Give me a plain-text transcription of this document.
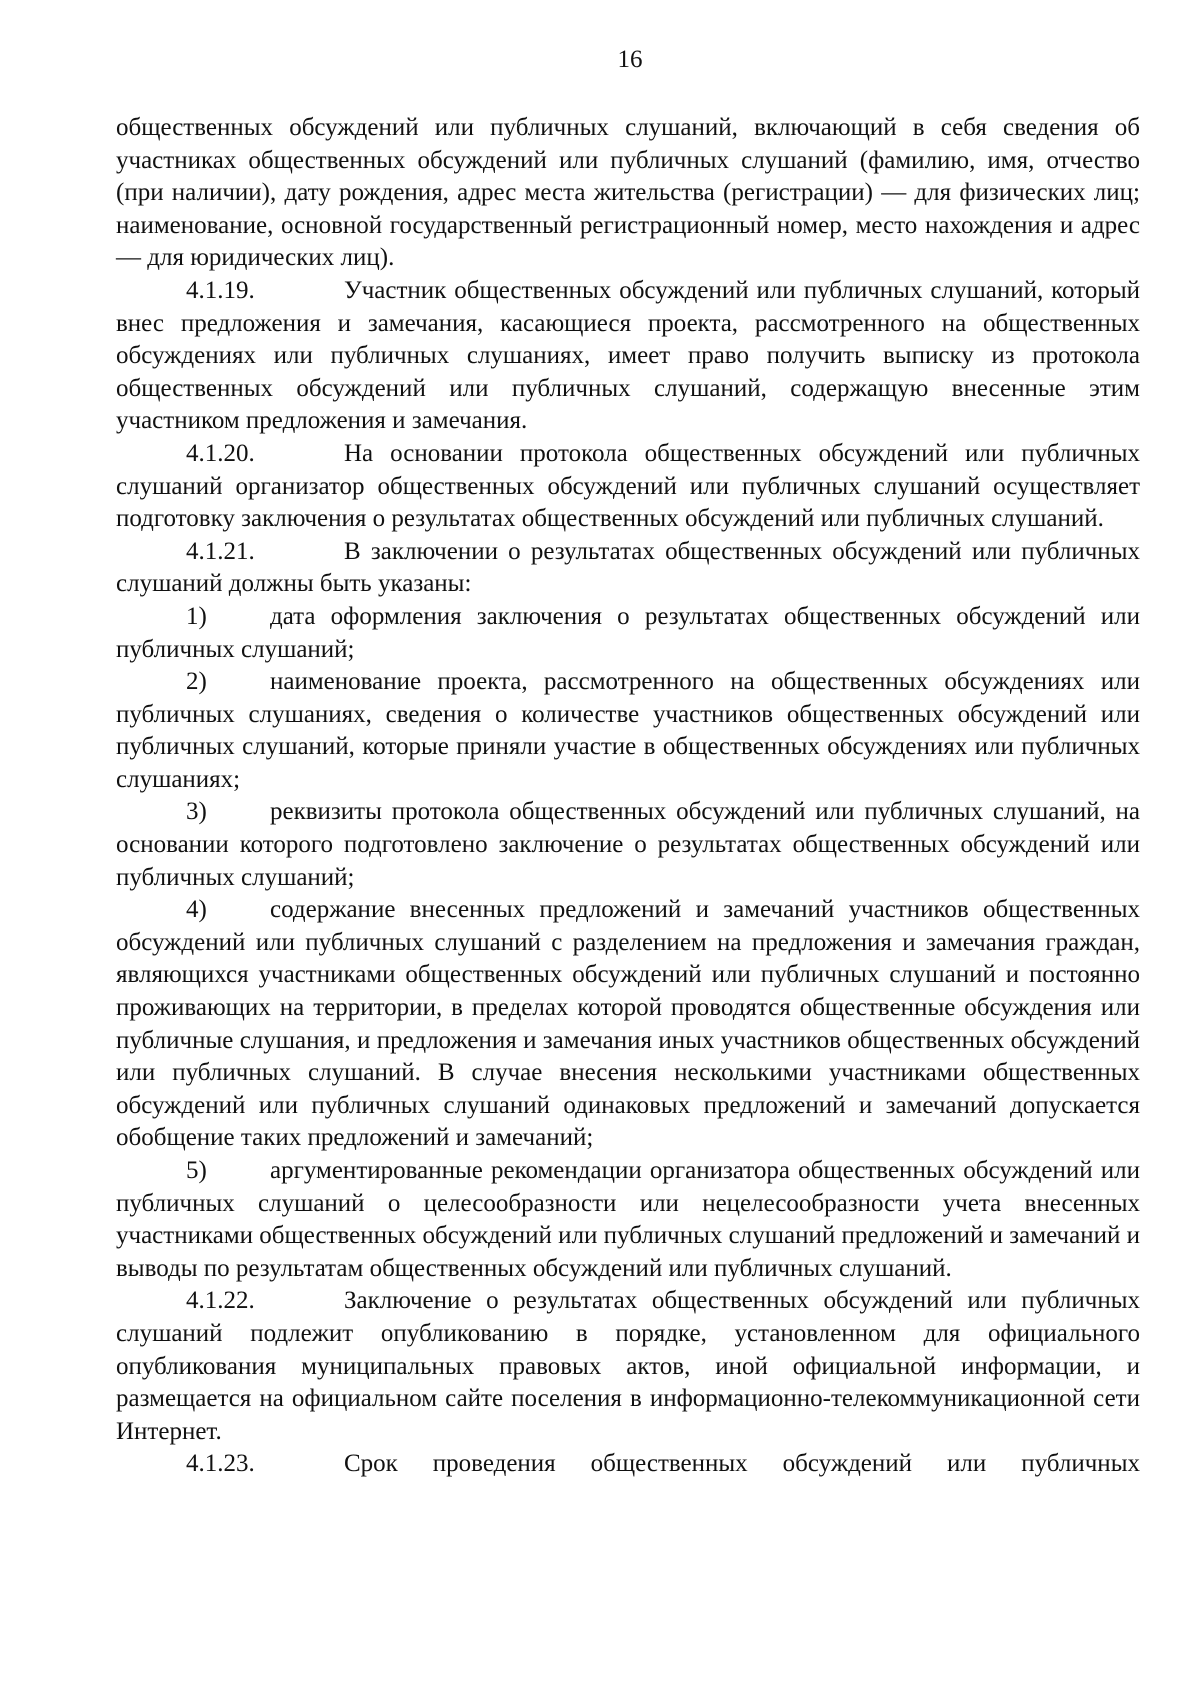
16

общественных обсуждений или публичных слушаний, включающий в себя сведения об участниках общественных обсуждений или публичных слушаний (фамилию, имя, отчество (при наличии), дату рождения, адрес места жительства (регистрации) — для физических лиц; наименование, основной государственный регистрационный номер, место нахождения и адрес — для юридических лиц).

4.1.19.	Участник общественных обсуждений или публичных слушаний, который внес предложения и замечания, касающиеся проекта, рассмотренного на общественных обсуждениях или публичных слушаниях, имеет право получить выписку из протокола общественных обсуждений или публичных слушаний, содержащую внесенные этим участником предложения и замечания.

4.1.20.	На основании протокола общественных обсуждений или публичных слушаний организатор общественных обсуждений или публичных слушаний осуществляет подготовку заключения о результатах общественных обсуждений или публичных слушаний.

4.1.21.	В заключении о результатах общественных обсуждений или публичных слушаний должны быть указаны:

1)	дата оформления заключения о результатах общественных обсуждений или публичных слушаний;

2)	наименование проекта, рассмотренного на общественных обсуждениях или публичных слушаниях, сведения о количестве участников общественных обсуждений или публичных слушаний, которые приняли участие в общественных обсуждениях или публичных слушаниях;

3)	реквизиты протокола общественных обсуждений или публичных слушаний, на основании которого подготовлено заключение о результатах общественных обсуждений или публичных слушаний;

4)	содержание внесенных предложений и замечаний участников общественных обсуждений или публичных слушаний с разделением на предложения и замечания граждан, являющихся участниками общественных обсуждений или публичных слушаний и постоянно проживающих на территории, в пределах которой проводятся общественные обсуждения или публичные слушания, и предложения и замечания иных участников общественных обсуждений или публичных слушаний. В случае внесения несколькими участниками общественных обсуждений или публичных слушаний одинаковых предложений и замечаний допускается обобщение таких предложений и замечаний;

5)	аргументированные рекомендации организатора общественных обсуждений или публичных слушаний о целесообразности или нецелесообразности учета внесенных участниками общественных обсуждений или публичных слушаний предложений и замечаний и выводы по результатам общественных обсуждений или публичных слушаний.

4.1.22.	Заключение о результатах общественных обсуждений или публичных слушаний подлежит опубликованию в порядке, установленном для официального опубликования муниципальных правовых актов, иной официальной информации, и размещается на официальном сайте поселения в информационно-телекоммуникационной сети Интернет.

4.1.23.	Срок проведения общественных обсуждений или публичных
